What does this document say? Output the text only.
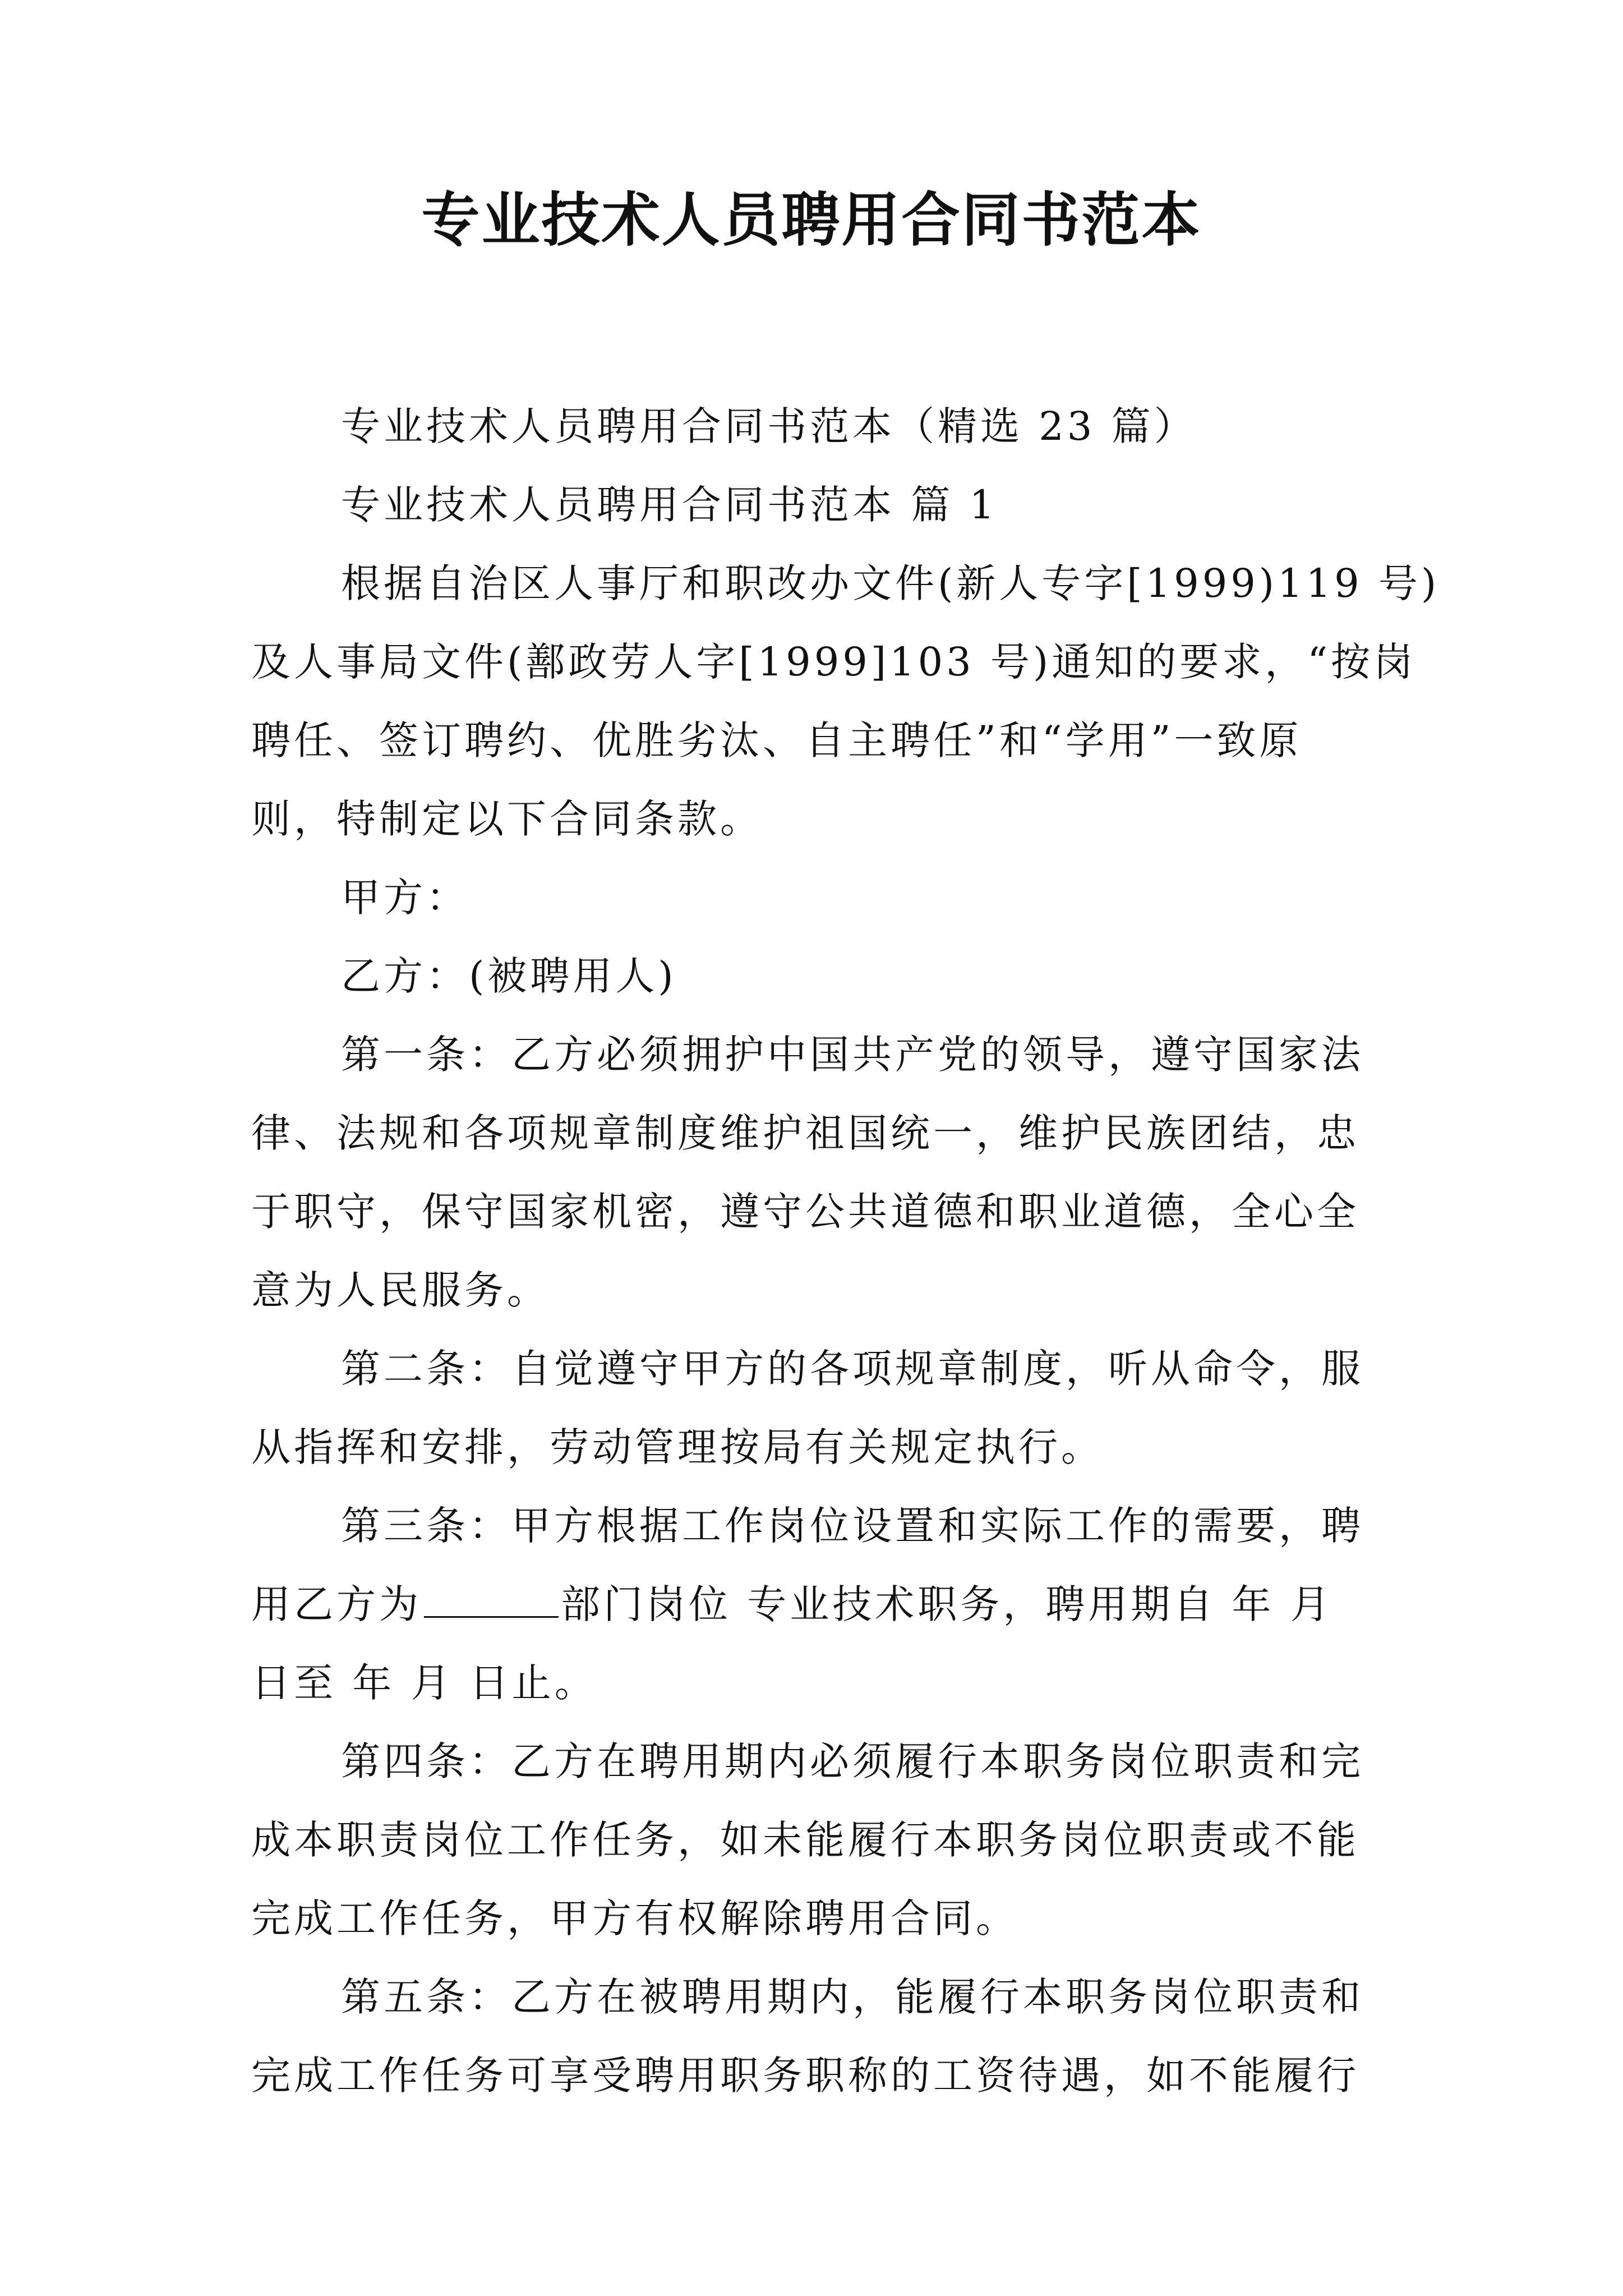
专业技术人员聘用合同书范本

专业技术人员聘用合同书范本（精选 23 篇）

专业技术人员聘用合同书范本 篇 1

根据自治区人事厅和职改办文件(新人专字[1999)119 号)

及人事局文件(鄯政劳人字[1999]103 号)通知的要求，“按岗

聘任、签订聘约、优胜劣汰、自主聘任”和“学用”一致原

则，特制定以下合同条款。

甲方：

乙方：(被聘用人)

第一条：乙方必须拥护中国共产党的领导，遵守国家法

律、法规和各项规章制度维护祖国统一，维护民族团结，忠

于职守，保守国家机密，遵守公共道德和职业道德，全心全

意为人民服务。

第二条：自觉遵守甲方的各项规章制度，听从命令，服

从指挥和安排，劳动管理按局有关规定执行。

第三条：甲方根据工作岗位设置和实际工作的需要，聘

用乙方为	部门岗位 专业技术职务，聘用期自 年 月

日至 年 月 日止。

第四条：乙方在聘用期内必须履行本职务岗位职责和完

成本职责岗位工作任务，如未能履行本职务岗位职责或不能

完成工作任务，甲方有权解除聘用合同。

第五条：乙方在被聘用期内，能履行本职务岗位职责和

完成工作任务可享受聘用职务职称的工资待遇，如不能履行
